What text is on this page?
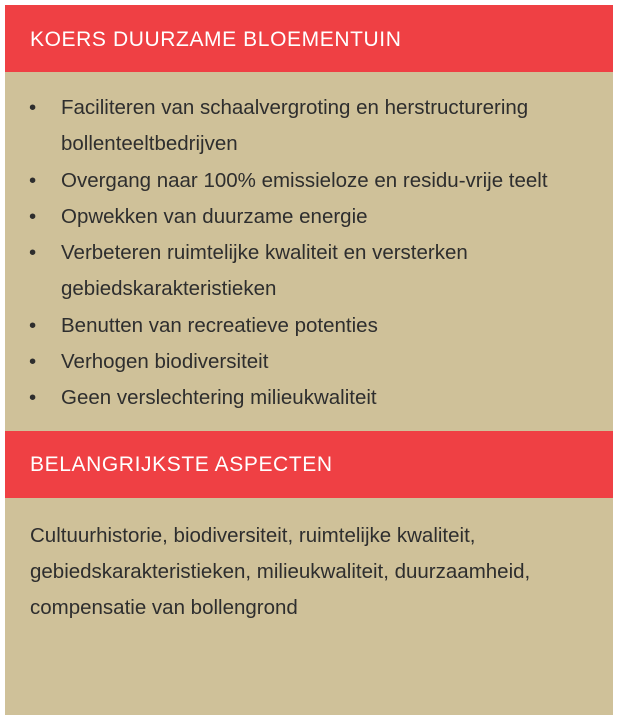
KOERS DUURZAME BLOEMENTUIN
• Faciliteren van schaalvergroting en herstructurering bollenteeltbedrijven
• Overgang naar 100% emissieloze en residu-vrije teelt
• Opwekken van duurzame energie
• Verbeteren ruimtelijke kwaliteit en versterken gebiedskarakteristieken
• Benutten van recreatieve potenties
• Verhogen biodiversiteit
• Geen verslechtering milieukwaliteit
BELANGRIJKSTE ASPECTEN

Cultuurhistorie, biodiversiteit, ruimtelijke kwaliteit, gebiedskarakteristieken, milieukwaliteit, duurzaamheid, compensatie van bollengrond
